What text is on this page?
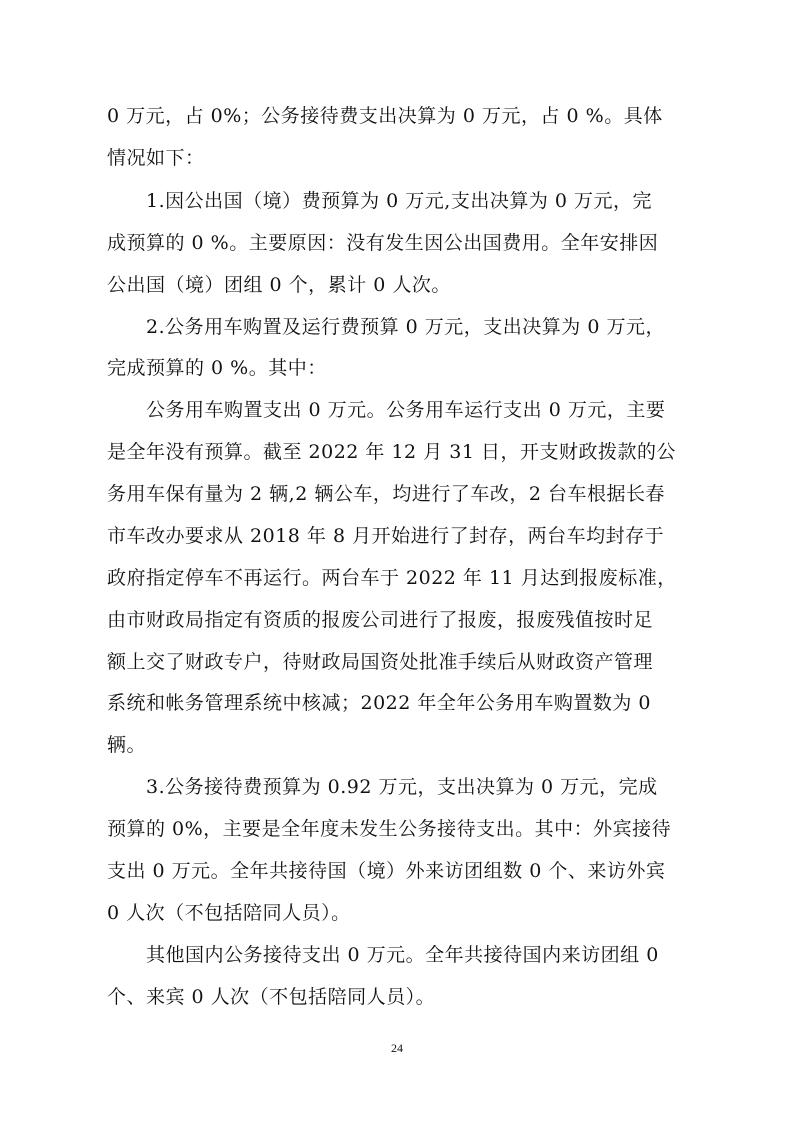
0 万元，占 0%；公务接待费支出决算为 0 万元，占 0 %。具体
情况如下：
1.因公出国（境）费预算为 0 万元,支出决算为 0 万元，完
成预算的 0 %。主要原因：没有发生因公出国费用。全年安排因
公出国（境）团组 0 个，累计 0 人次。
2.公务用车购置及运行费预算 0 万元，支出决算为 0 万元，
完成预算的 0 %。其中：
公务用车购置支出 0 万元。公务用车运行支出 0 万元，主要
是全年没有预算。截至 2022 年 12 月 31 日，开支财政拨款的公
务用车保有量为 2 辆,2 辆公车，均进行了车改，2 台车根据长春
市车改办要求从 2018 年 8 月开始进行了封存，两台车均封存于
政府指定停车不再运行。两台车于 2022 年 11 月达到报废标准，
由市财政局指定有资质的报废公司进行了报废，报废残值按时足
额上交了财政专户，待财政局国资处批准手续后从财政资产管理
系统和帐务管理系统中核减；2022 年全年公务用车购置数为 0
辆。
3.公务接待费预算为 0.92 万元，支出决算为 0 万元，完成
预算的 0%，主要是全年度未发生公务接待支出。其中：外宾接待
支出 0 万元。全年共接待国（境）外来访团组数 0 个、来访外宾
0 人次（不包括陪同人员）。
其他国内公务接待支出 0 万元。全年共接待国内来访团组 0
个、来宾 0 人次（不包括陪同人员）。
24
